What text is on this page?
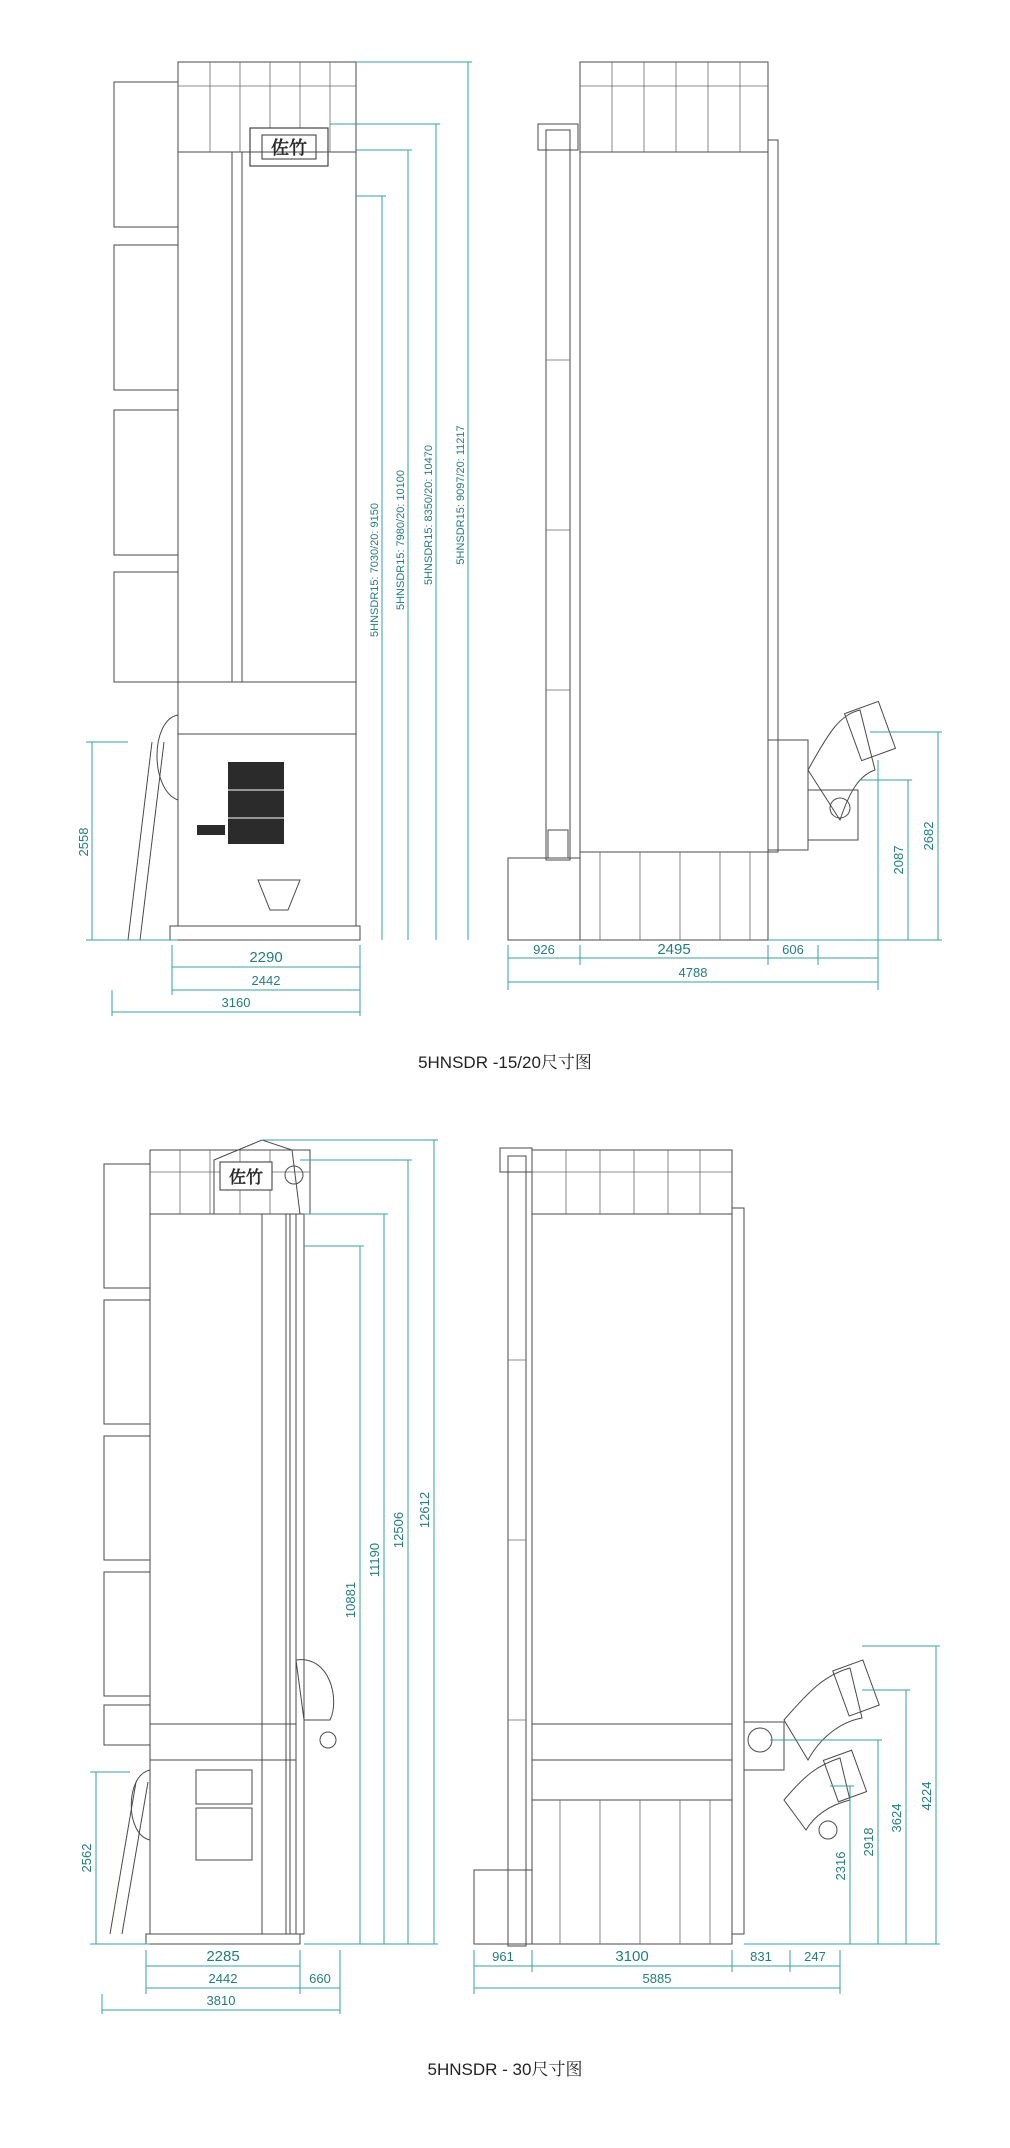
2558
2290
2442
3160
5HNSDR15: 7030/20: 9150 5HNSDR15: 7980/20: 10100 5HNSDR15: 8350/20: 10470 5HNSDR15: 9097/20: 11217
926	2495	606
4788
2087
2682
2562
2285
2442	660
3810
10881
11190
12506
12612
961	3100	831 247
5885
2316
2918
3624
4224
佐竹
佐竹
5HNSDR -15/20尺寸图
5HNSDR - 30尺寸图
